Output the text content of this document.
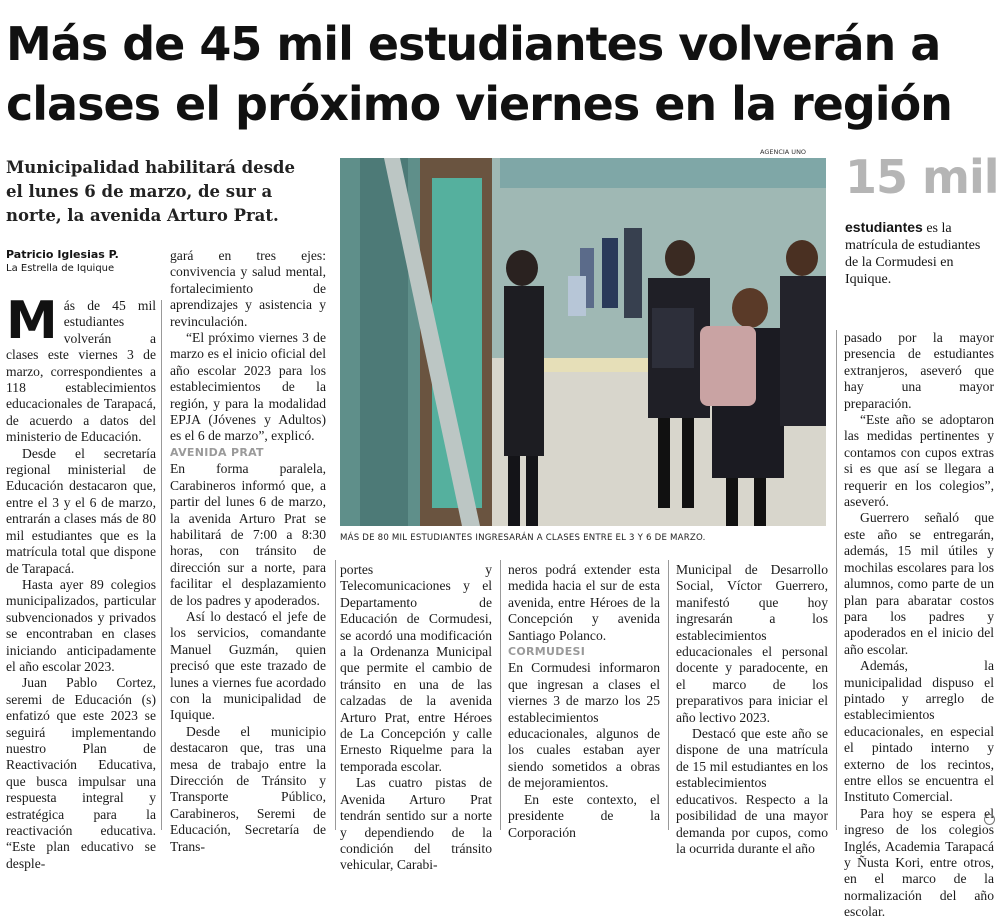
Más de 45 mil estudiantes volverán a
clases el próximo viernes en la región
Municipalidad habilitará desde el lunes 6 de marzo, de sur a norte, la avenida Arturo Prat.
Patricio Iglesias P.
La Estrella de Iquique

Más de 45 mil estudiantes volverán a clases este viernes 3 de marzo, correspondientes a 118 establecimientos educacionales de Tarapacá, de acuerdo a datos del ministerio de Educación.

Desde el secretaría regional ministerial de Educación destacaron que, entre el 3 y el 6 de marzo, entrarán a clases más de 80 mil estudiantes que es la matrícula total que dispone de Tarapacá.

Hasta ayer 89 colegios municipalizados, particular subvencionados y privados se encontraban en clases iniciando anticipadamente el año escolar 2023.

Juan Pablo Cortez, seremi de Educación (s) enfatizó que este 2023 se seguirá implementando nuestro Plan de Reactivación Educativa, que busca impulsar una respuesta integral y estratégica para la reactivación educativa. “Este plan educativo se desple-

gará en tres ejes: convivencia y salud mental, fortalecimiento de aprendizajes y asistencia y revinculación.

“El próximo viernes 3 de marzo es el inicio oficial del año escolar 2023 para los establecimientos de la región, y para la modalidad EPJA (Jóvenes y Adultos) es el 6 de marzo”, explicó.

AVENIDA PRAT

En forma paralela, Carabineros informó que, a partir del lunes 6 de marzo, la avenida Arturo Prat se habilitará de 7:00 a 8:30 horas, con tránsito de dirección sur a norte, para facilitar el desplazamiento de los padres y apoderados.

Así lo destacó el jefe de los servicios, comandante Manuel Guzmán, quien precisó que este trazado de lunes a viernes fue acordado con la municipalidad de Iquique.

Desde el municipio destacaron que, tras una mesa de trabajo entre la Dirección de Tránsito y Transporte Público, Carabineros, Seremi de Educación, Secretaría de Trans-

AGENCIA UNO
MÁS DE 80 MIL ESTUDIANTES INGRESARÁN A CLASES ENTRE EL 3 Y 6 DE MARZO.
15 mil
estudiantes es la matrícula de estudiantes de la Cormudesi en Iquique.

portes y Telecomunicaciones y el Departamento de Educación de Cormudesi, se acordó una modificación a la Ordenanza Municipal que permite el cambio de tránsito en una de las calzadas de la avenida Arturo Prat, entre Héroes de La Concepción y calle Ernesto Riquelme para la temporada escolar.

Las cuatro pistas de Avenida Arturo Prat tendrán sentido sur a norte y dependiendo de la condición del tránsito vehicular, Carabi-

neros podrá extender esta medida hacia el sur de esta avenida, entre Héroes de la Concepción y avenida Santiago Polanco.

CORMUDESI

En Cormudesi informaron que ingresan a clases el viernes 3 de marzo los 25 establecimientos educacionales, algunos de los cuales estaban ayer siendo sometidos a obras de mejoramientos.

En este contexto, el presidente de la Corporación

Municipal de Desarrollo Social, Víctor Guerrero, manifestó que hoy ingresarán a los establecimientos educacionales el personal docente y paradocente, en el marco de los preparativos para iniciar el año lectivo 2023.

Destacó que este año se dispone de una matrícula de 15 mil estudiantes en los establecimientos educativos. Respecto a la posibilidad de una mayor demanda por cupos, como la ocurrida durante el año

pasado por la mayor presencia de estudiantes extranjeros, aseveró que hay una mayor preparación.

“Este año se adoptaron las medidas pertinentes y contamos con cupos extras si es que así se llegara a requerir en los colegios”, aseveró.

Guerrero señaló que este año se entregarán, además, 15 mil útiles y mochilas escolares para los alumnos, como parte de un plan para abaratar costos para los padres y apoderados en el inicio del año escolar.

Además, la municipalidad dispuso el pintado y arreglo de establecimientos educacionales, en especial el pintado interno y externo de los recintos, entre ellos se encuentra el Instituto Comercial.

Para hoy se espera el ingreso de los colegios Inglés, Academia Tarapacá y Ñusta Kori, entre otros, en el marco de la normalización del año escolar.
